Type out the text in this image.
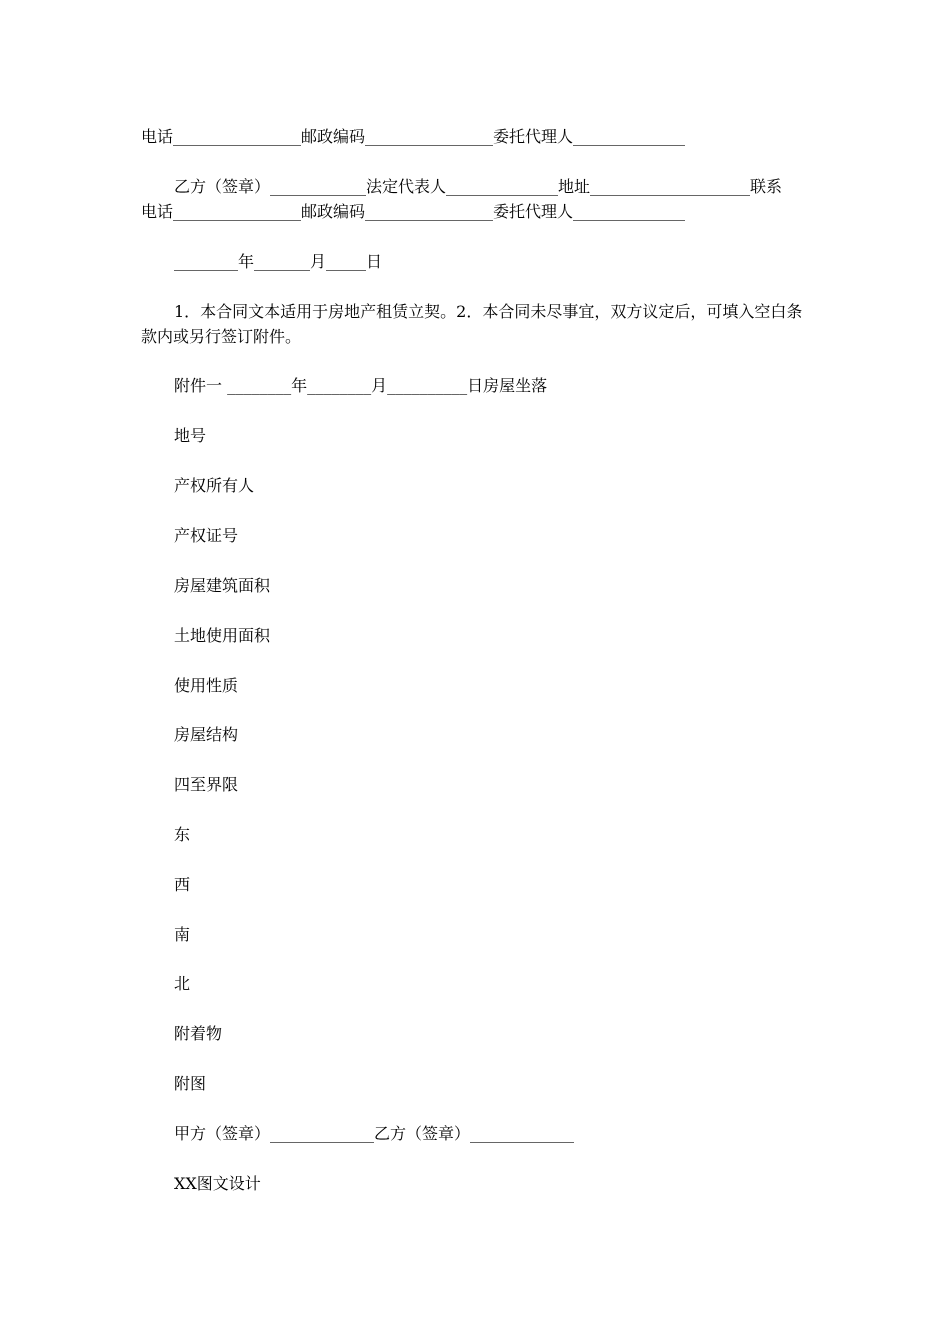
电话________________邮政编码________________委托代理人______________
乙方（签章）____________法定代表人______________地址____________________联系
电话________________邮政编码________________委托代理人______________
________年_______月_____日
1．本合同文本适用于房地产租赁立契。2．本合同未尽事宜，双方议定后，可填入空白条款内或另行签订附件。
附件一 ________年________月__________日房屋坐落
地号
产权所有人
产权证号
房屋建筑面积
土地使用面积
使用性质
房屋结构
四至界限
东
西
南
北
附着物
附图
甲方（签章）_____________乙方（签章）_____________
XX图文设计
